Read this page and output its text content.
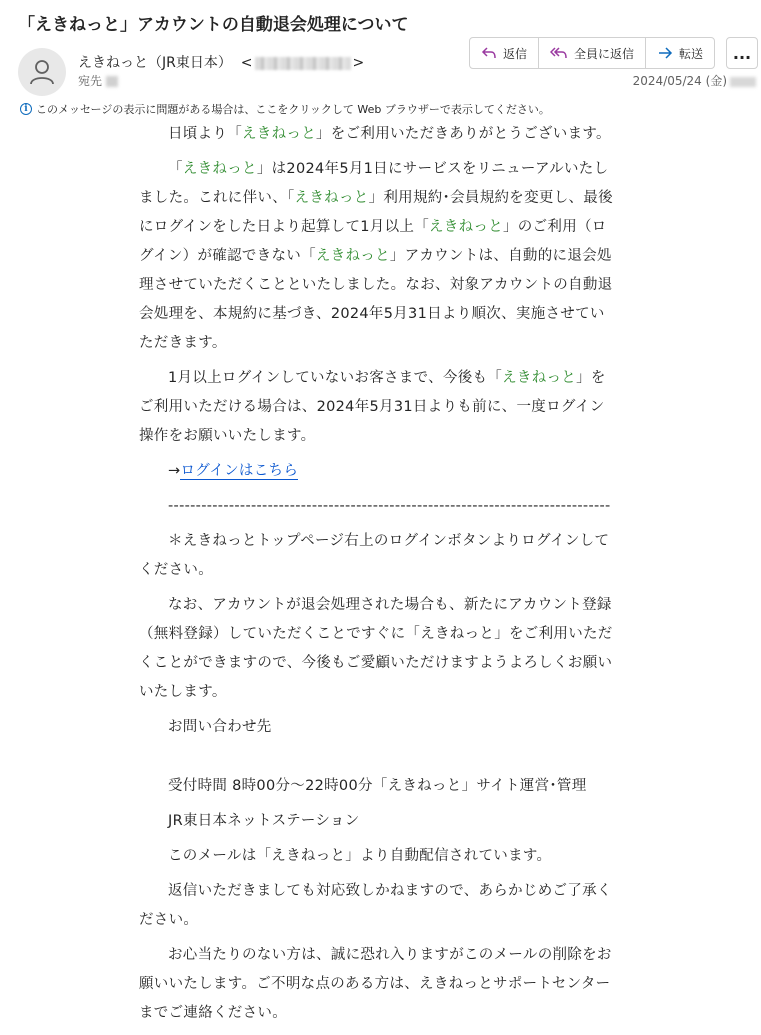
「えきねっと」アカウントの自動退会処理について
えきねっと（JR東日本） <	>
宛先
返信	全員に返信	転送	...
2024/05/24 (金)
i このメッセージの表示に問題がある場合は、ここをクリックして Web ブラウザーで表示してください。

日頃より「えきねっと」をご利用いただきありがとうございます。

「えきねっと」は2024年5月1日にサービスをリニューアルいたしました。これに伴い、「えきねっと」利用規約･会員規約を変更し、最後にログインをした日より起算して1月以上「えきねっと」のご利用（ログイン）が確認できない「えきねっと」アカウントは、自動的に退会処理させていただくことといたしました。なお、対象アカウントの自動退会処理を、本規約に基づき、2024年5月31日より順次、実施させていただきます。

1月以上ログインしていないお客さまで、今後も「えきねっと」をご利用いただける場合は、2024年5月31日よりも前に、一度ログイン操作をお願いいたします。

→ログインはこちら

--------------------------------------------------------------------------------

＊えきねっとトップページ右上のログインボタンよりログインしてください。

なお、アカウントが退会処理された場合も、新たにアカウント登録（無料登録）していただくことですぐに「えきねっと」をご利用いただくことができますので、今後もご愛顧いただけますようよろしくお願いいたします。

お問い合わせ先

受付時間 8時00分～22時00分「えきねっと」サイト運営･管理

JR東日本ネットステーション

このメールは「えきねっと」より自動配信されています。

返信いただきましても対応致しかねますので、あらかじめご了承ください。

お心当たりのない方は、誠に恐れ入りますがこのメールの削除をお願いいたします。ご不明な点のある方は、えきねっとサポートセンターまでご連絡ください。
